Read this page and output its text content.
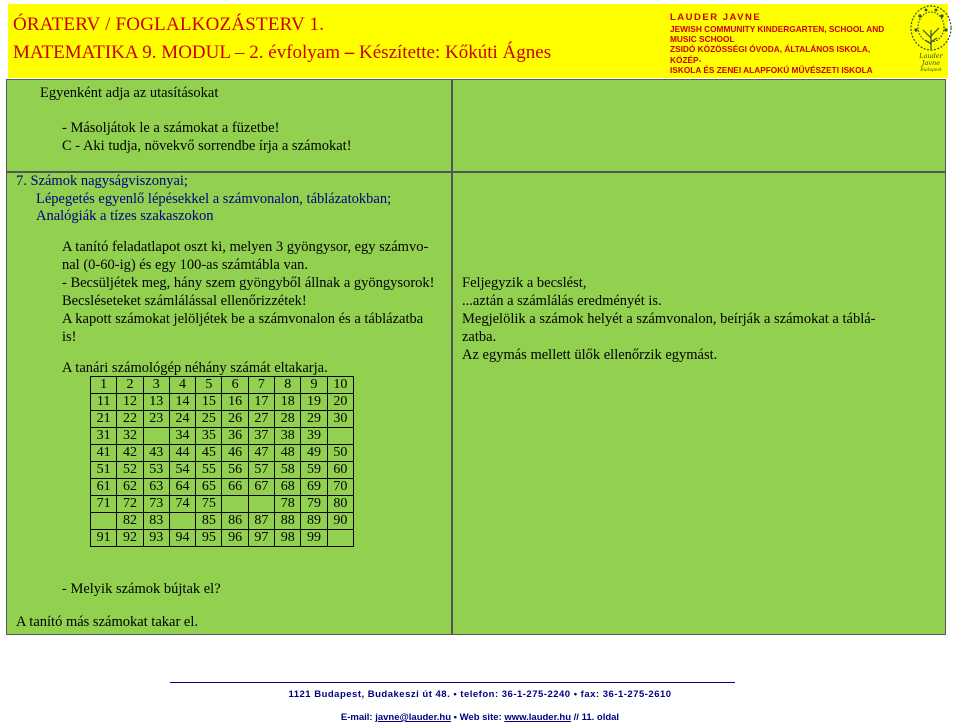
ÓRATERV / FOGLALKOZÁSTERV 1.
MATEMATIKA 9. MODUL – 2. évfolyam – Készítette: Kőkúti Ágnes
LAUDER JAVNE
JEWISH COMMUNITY KINDERGARTEN, SCHOOL AND
MUSIC SCHOOL
ZSIDÓ KÖZÖSSÉGI ÓVODA, ÁLTALÁNOS ISKOLA, KÖZÉP-
ISKOLA ÉS ZENEI ALAPFOKÚ MŰVÉSZETI ISKOLA
Lauder
Javne
Budapest
Egyenként adja az utasításokat
- Másoljátok le a számokat a füzetbe!
C - Aki tudja, növekvő sorrendbe írja a számokat!
7. Számok nagyságviszonyai;
Lépegetés egyenlő lépésekkel a számvonalon, táblázatokban;
Analógiák a tízes szakaszokon
A tanító feladatlapot oszt ki, melyen 3 gyöngysor, egy számvo-
nal (0-60-ig) és egy 100-as számtábla van.
- Becsüljétek meg, hány szem gyöngyből állnak a gyöngysorok!
Becsléseteket számlálással ellenőrizzétek!
A kapott számokat jelöljétek be a számvonalon és a táblázatba
is!
A tanári számológép néhány számát eltakarja.
1	2	3	4	5	6	7	8	9	10
11	12	13	14	15	16	17	18	19	20
21	22	23	24	25	26	27	28	29	30
31	32		34	35	36	37	38	39	
41	42	43	44	45	46	47	48	49	50
51	52	53	54	55	56	57	58	59	60
61	62	63	64	65	66	67	68	69	70
71	72	73	74	75			78	79	80
	82	83		85	86	87	88	89	90
91	92	93	94	95	96	97	98	99	
- Melyik számok bújtak el?
A tanító más számokat takar el.
Feljegyzik a becslést,
...aztán a számlálás eredményét is.
Megjelölik a számok helyét a számvonalon, beírják a számokat a táblá-
zatba.
Az egymás mellett ülők ellenőrzik egymást.
1121 Budapest, Budakeszi út 48. • telefon: 36-1-275-2240 • fax: 36-1-275-2610
E-mail: javne@lauder.hu • Web site: www.lauder.hu // 11. oldal
